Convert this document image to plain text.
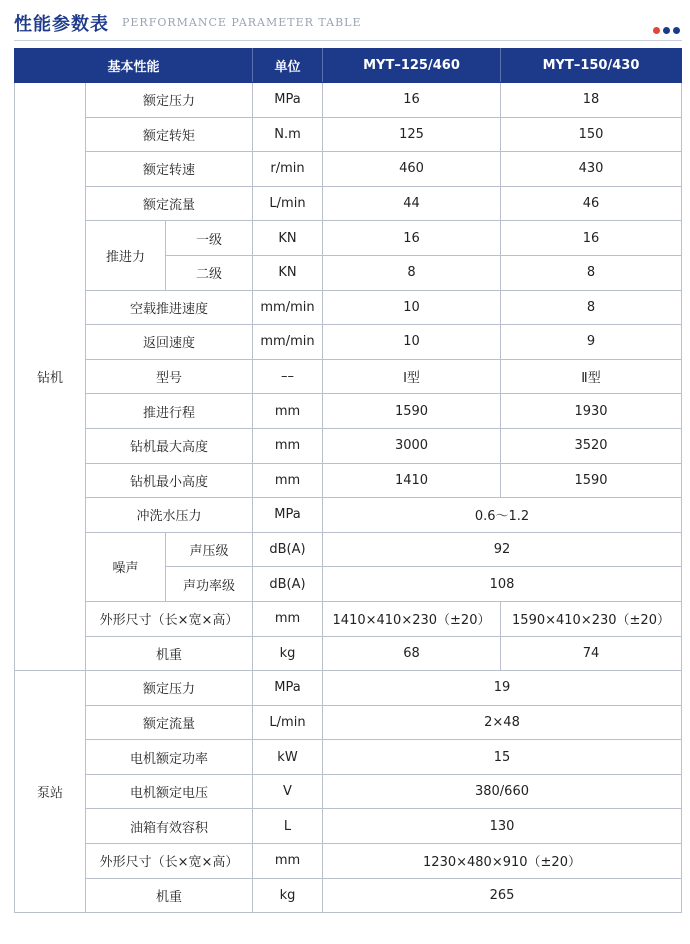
性能参数表 PERFORMANCE PARAMETER TABLE
基本性能			单位	MYT–125/460	MYT–150/430
钻机	额定压力		MPa	16	18
	额定转矩		N.m	125	150
	额定转速		r/min	460	430
	额定流量		L/min	44	46
	推进力	一级	KN	16	16
		二级	KN	8	8
	空载推进速度		mm/min	10	8
	返回速度		mm/min	10	9
	型号		––	Ⅰ型	Ⅱ型
	推进行程		mm	1590	1930
	钻机最大高度		mm	3000	3520
	钻机最小高度		mm	1410	1590
	冲洗水压力		MPa	0.6～1.2	
	噪声	声压级	dB(A)	92	
		声功率级	dB(A)	108	
	外形尺寸（长×宽×高）		mm	1410×410×230（±20）	1590×410×230（±20）
	机重		kg	68	74
泵站	额定压力		MPa	19	
	额定流量		L/min	2×48	
	电机额定功率		kW	15	
	电机额定电压		V	380/660	
	油箱有效容积		L	130	
	外形尺寸（长×宽×高）		mm	1230×480×910（±20）	
	机重		kg	265	
